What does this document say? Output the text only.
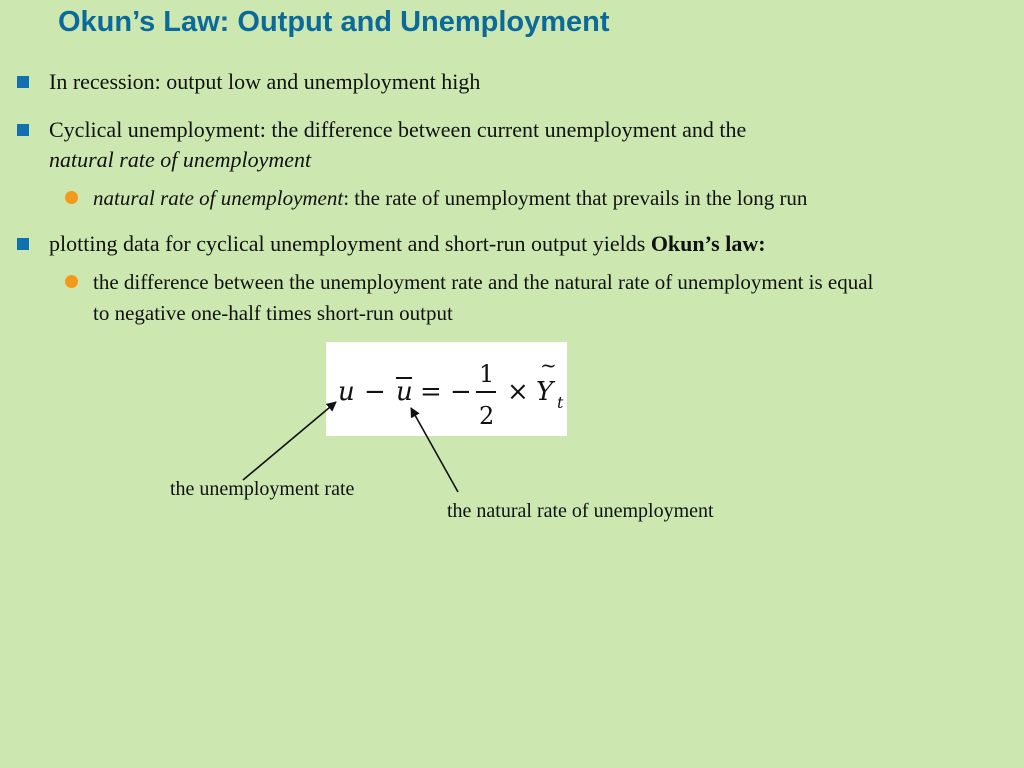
Okun’s Law: Output and Unemployment
In recession: output low and unemployment high
Cyclical unemployment: the difference between current unemployment and the
natural rate of unemployment
natural rate of unemployment: the rate of unemployment that prevails in the long run
plotting data for cyclical unemployment and short-run output yields Okun’s law:
the difference between the unemployment rate and the natural rate of unemployment is equal to negative one-half times short-run output
u − u = −
1
2
×
~
Y t
the unemployment rate
the natural rate of unemployment
